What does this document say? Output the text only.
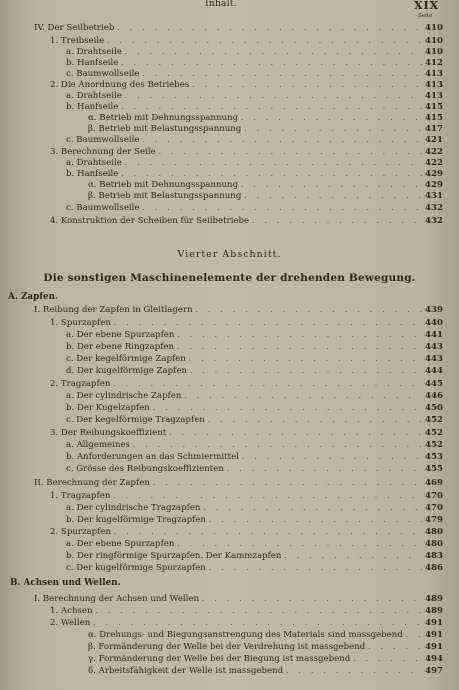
Inhalt.	XIX
Seite
IV. Der Seilbetrieb . . .	410
1. Treibseile . . .	410
a. Drahtseile . . .	410
b. Hanfseile . . .	412
c. Baumwollseile . . .	413
2. Die Anordnung des Betriebes . . .	413
a. Drahtseile . . .	413
b. Hanfseile . . .	415
α. Betrieb mit Dehnungsspannung . . .	415
β. Betrieb mit Belastungsspannung . . .	417
c. Baumwollseile . . .	421
3. Berechnung der Seile . . .	422
a. Drahtseile . . .	422
b. Hanfseile . . .	429
α. Betrieb mit Dehnungsspannung . . .	429
β. Betrieb mit Belastungsspannung . . .	431
c. Baumwollseile . . .	432
4. Konstruktion der Scheiben für Seilbetriebe . . .	432
Vierter Abschnitt.
Die sonstigen Maschinenelemente der drehenden Bewegung.
A. Zapfen.
I. Reibung der Zapfen in Gleitlagern . . .	439
1. Spurzapfen . . .	440
a. Der ebene Spurzapfen . . .	441
b. Der ebene Ringzapfen . . .	443
c. Der kegelförmige Zapfen . . .	443
d. Der kugelförmige Zapfen . . .	444
2. Tragzapfen . . .	445
a. Der cylindrische Zapfen . . .	446
b. Der Kugelzapfen . . .	450
c. Der kegelförmige Tragzapfen . . .	452
3. Der Reibungskoeffizient . . .	452
a. Allgemeines . . .	452
b. Anforderungen an das Schmiermittel . . .	453
c. Grösse des Reibungskoeffizienten . . .	455
II. Berechnung der Zapfen . . .	469
1. Tragzapfen . . .	470
a. Der cylindrische Tragzapfen . . .	470
b. Der kugelförmige Tragzapfen . . .	479
2. Spurzapfen . . .	480
a. Der ebene Spurzapfen . . .	480
b. Der ringförmige Spurzapfen. Der Kammzapfen . . .	483
c. Der kugelförmige Spurzapfen . . .	486
B. Achsen und Wellen.
I. Berechnung der Achsen und Wellen . . .	489
1. Achsen . . .	489
2. Wellen . . .	491
α. Drehungs- und Biegungsanstrengung des Materials sind massgebend . . .	491
β. Formänderung der Welle bei der Verdrehung ist massgebend . . .	491
γ. Formänderung der Welle bei der Biegung ist massgebend . . .	494
δ. Arbeitsfähigkeit der Welle ist massgebend . . .	497
